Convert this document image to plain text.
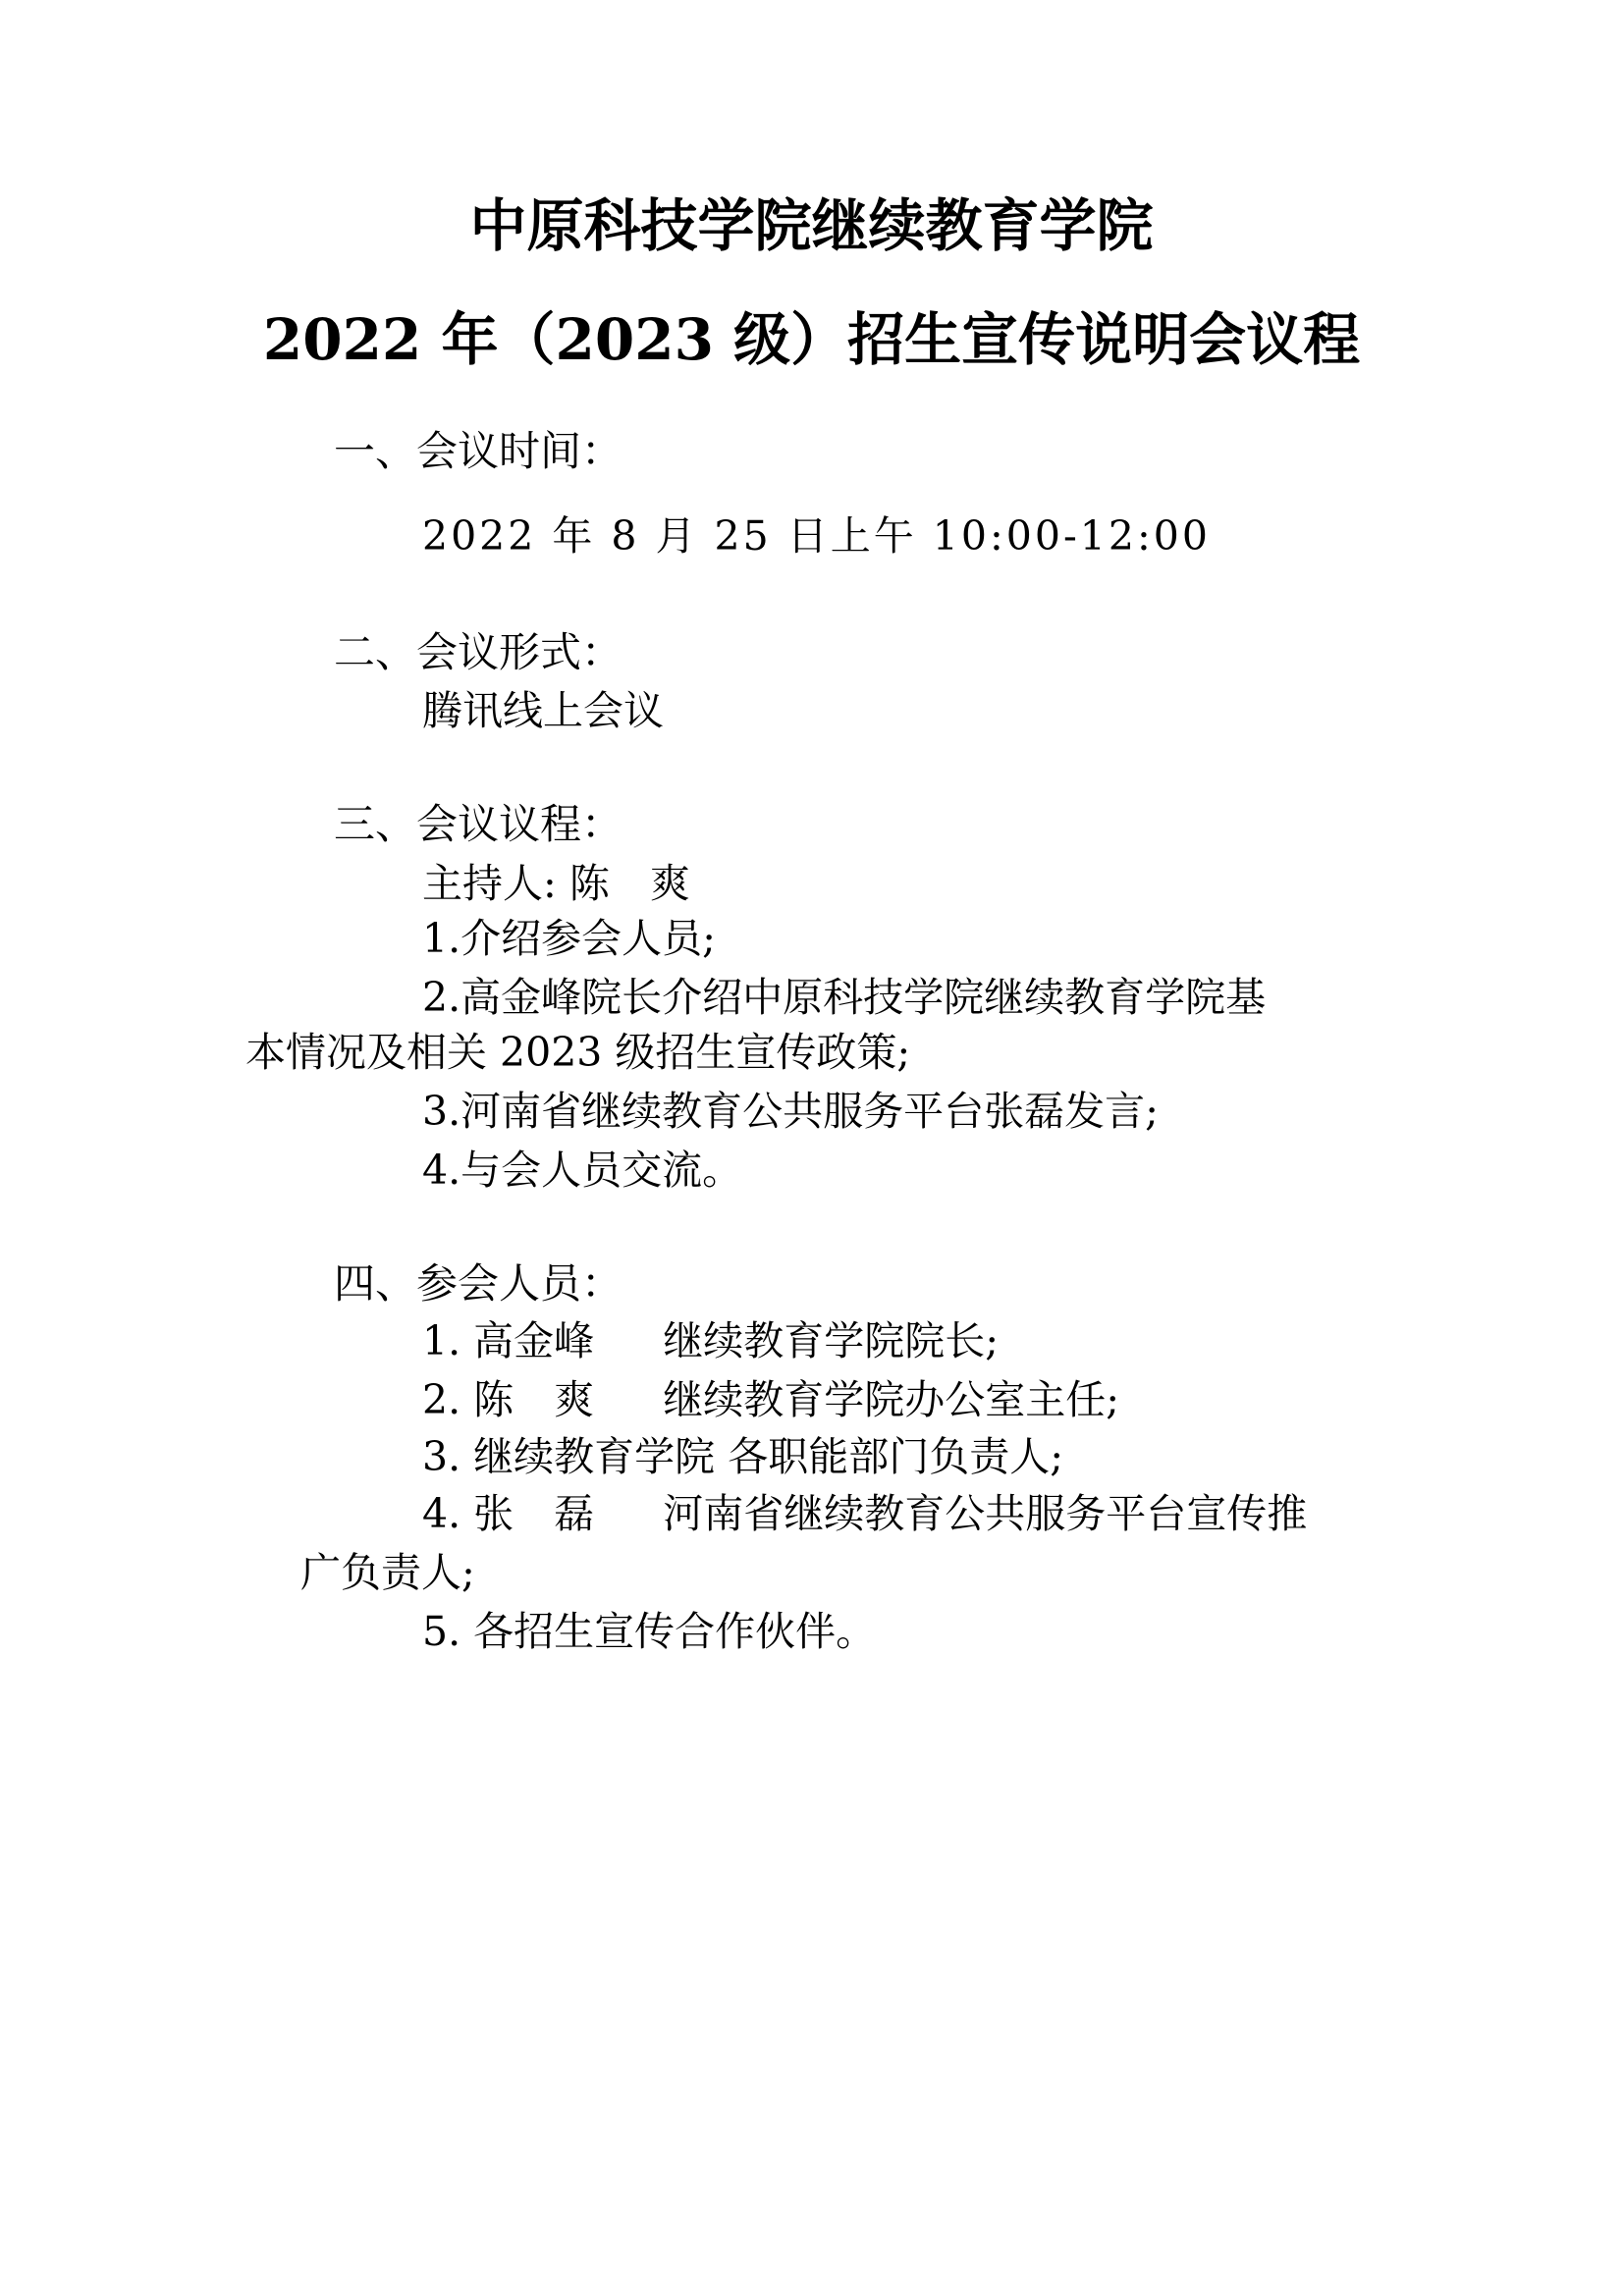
中原科技学院继续教育学院
2022 年（2023 级）招生宣传说明会议程
一、会议时间：
2022 年 8 月 25 日上午 10:00-12:00
二、会议形式：
腾讯线上会议
三、会议议程：
主持人: 陈　爽
1.介绍参会人员;
2.高金峰院长介绍中原科技学院继续教育学院基
本情况及相关 2023 级招生宣传政策;
3.河南省继续教育公共服务平台张磊发言;
4.与会人员交流。
四、参会人员：
1. 高金峰 继续教育学院院长;
2. 陈　爽 继续教育学院办公室主任;
3. 继续教育学院 各职能部门负责人;
4. 张　磊 河南省继续教育公共服务平台宣传推
广负责人;
5. 各招生宣传合作伙伴。
